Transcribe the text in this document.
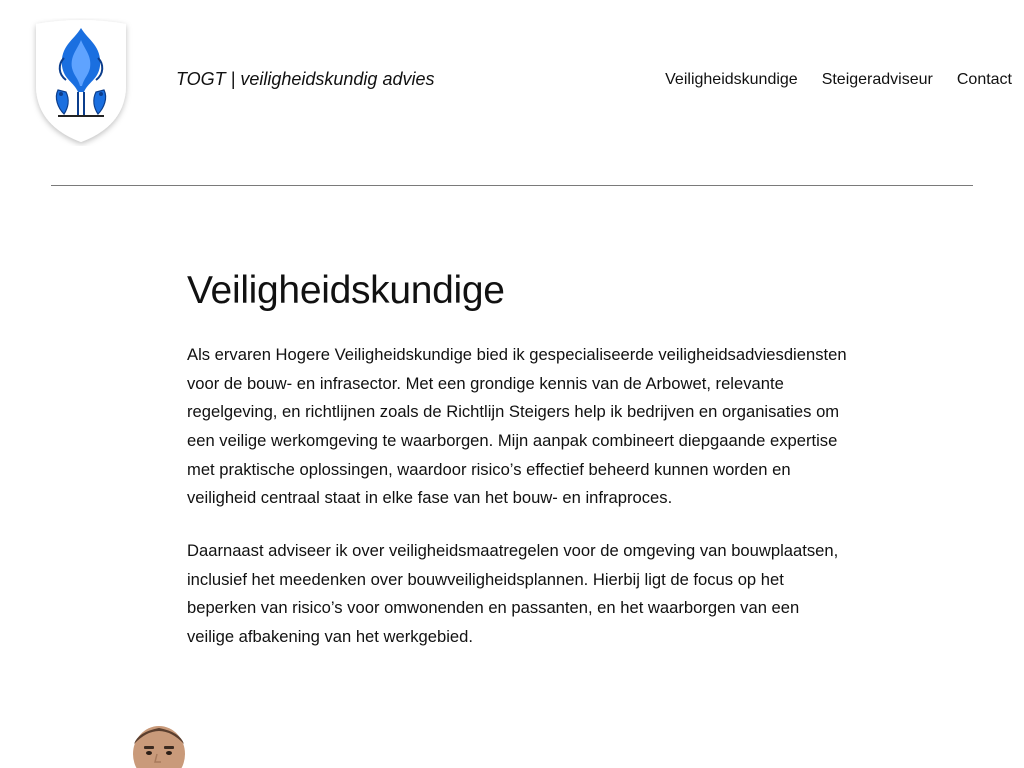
TOGT | veiligheidskundig advies	Veiligheidskundige Steigeradviseur Contact
Veiligheidskundige

Als ervaren Hogere Veiligheidskundige bied ik gespecialiseerde veiligheidsadviesdiensten voor de bouw- en infrasector. Met een grondige kennis van de Arbowet, relevante regelgeving, en richtlijnen zoals de Richtlijn Steigers help ik bedrijven en organisaties om een veilige werkomgeving te waarborgen. Mijn aanpak combineert diepgaande expertise met praktische oplossingen, waardoor risico’s effectief beheerd kunnen worden en veiligheid centraal staat in elke fase van het bouw- en infraproces.

Daarnaast adviseer ik over veiligheidsmaatregelen voor de omgeving van bouwplaatsen, inclusief het meedenken over bouwveiligheidsplannen. Hierbij ligt de focus op het beperken van risico’s voor omwonenden en passanten, en het waarborgen van een veilige afbakening van het werkgebied.
